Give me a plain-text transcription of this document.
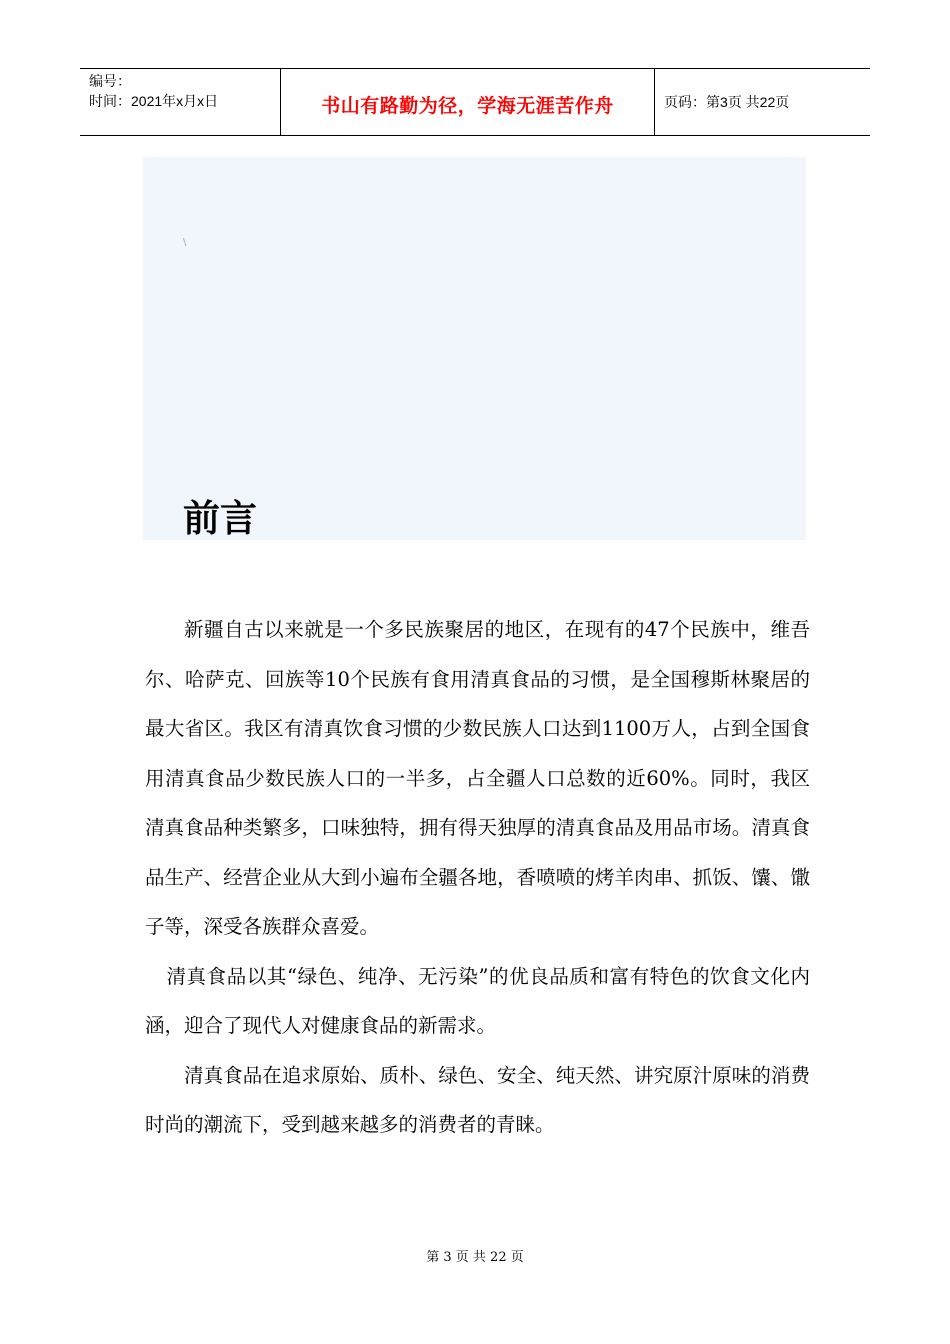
编号：
时间：2021年x月x日	书山有路勤为径，学海无涯苦作舟	页码：第3页 共22页
\
前言

新疆自古以来就是一个多民族聚居的地区，在现有的47个民族中，维吾尔、哈萨克、回族等10个民族有食用清真食品的习惯，是全国穆斯林聚居的最大省区。我区有清真饮食习惯的少数民族人口达到1100万人，占到全国食用清真食品少数民族人口的一半多，占全疆人口总数的近60%。同时，我区清真食品种类繁多，口味独特，拥有得天独厚的清真食品及用品市场。清真食品生产、经营企业从大到小遍布全疆各地，香喷喷的烤羊肉串、抓饭、馕、馓子等，深受各族群众喜爱。

清真食品以其“绿色、纯净、无污染”的优良品质和富有特色的饮食文化内涵，迎合了现代人对健康食品的新需求。

清真食品在追求原始、质朴、绿色、安全、纯天然、讲究原汁原味的消费时尚的潮流下，受到越来越多的消费者的青睐。

第 3 页 共 22 页
